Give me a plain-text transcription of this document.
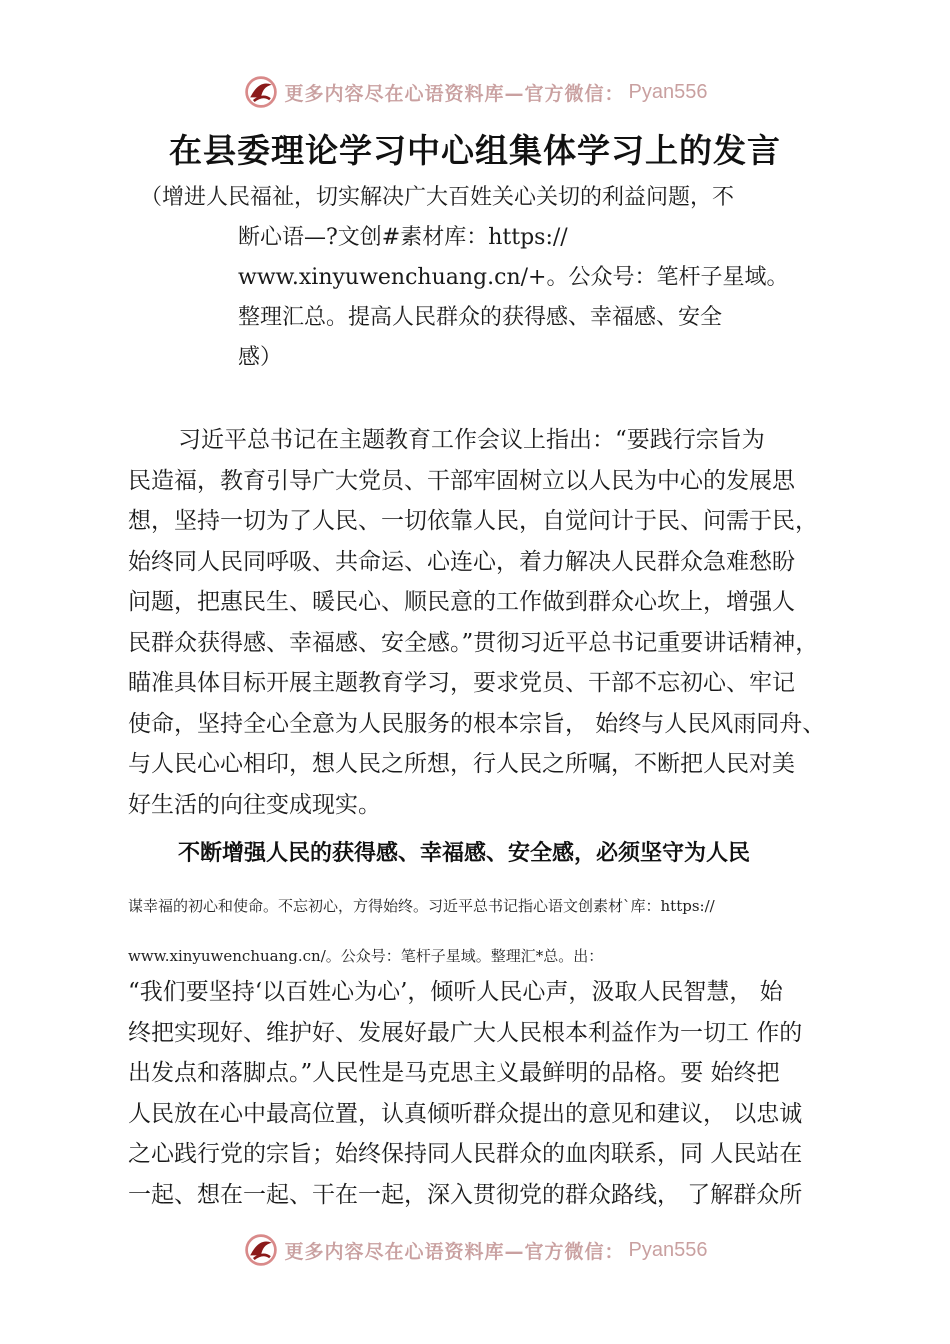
更多内容尽在心语资料库—官方微信： Pyan556
在县委理论学习中心组集体学习上的发言
（增进人民福祉，切实解决广大百姓关心关切的利益问题，不
断心语—?文创#素材库：https://
www.xinyuwenchuang.cn/+。公众号：笔杆子星域。
整理汇总。提高人民群众的获得感、幸福感、安全
感）
习近平总书记在主题教育工作会议上指出：“要践行宗旨为
民造福，教育引导广大党员、干部牢固树立以人民为中心的发展思
想，坚持一切为了人民、一切依靠人民，自觉问计于民、问需于民，
始终同人民同呼吸、共命运、心连心，着力解决人民群众急难愁盼
问题，把惠民生、暖民心、顺民意的工作做到群众心坎上，增强人
民群众获得感、幸福感、安全感。”贯彻习近平总书记重要讲话精神，
瞄准具体目标开展主题教育学习，要求党员、干部不忘初心、牢记
使命，坚持全心全意为人民服务的根本宗旨， 始终与人民风雨同舟、
与人民心心相印，想人民之所想，行人民之所嘱，不断把人民对美
好生活的向往变成现实。
不断增强人民的获得感、幸福感、安全感，必须坚守为人民
谋幸福的初心和使命。不忘初心，方得始终。习近平总书记指心语文创素材`库：https://
www.xinyuwenchuang.cn/。公众号：笔杆子星域。整理汇*总。出：
“我们要坚持‘以百姓心为心’，倾听人民心声，汲取人民智慧， 始
终把实现好、维护好、发展好最广大人民根本利益作为一切工 作的
出发点和落脚点。”人民性是马克思主义最鲜明的品格。要 始终把
人民放在心中最高位置，认真倾听群众提出的意见和建议， 以忠诚
之心践行党的宗旨；始终保持同人民群众的血肉联系，同 人民站在
一起、想在一起、干在一起，深入贯彻党的群众路线， 了解群众所
更多内容尽在心语资料库—官方微信： Pyan556
